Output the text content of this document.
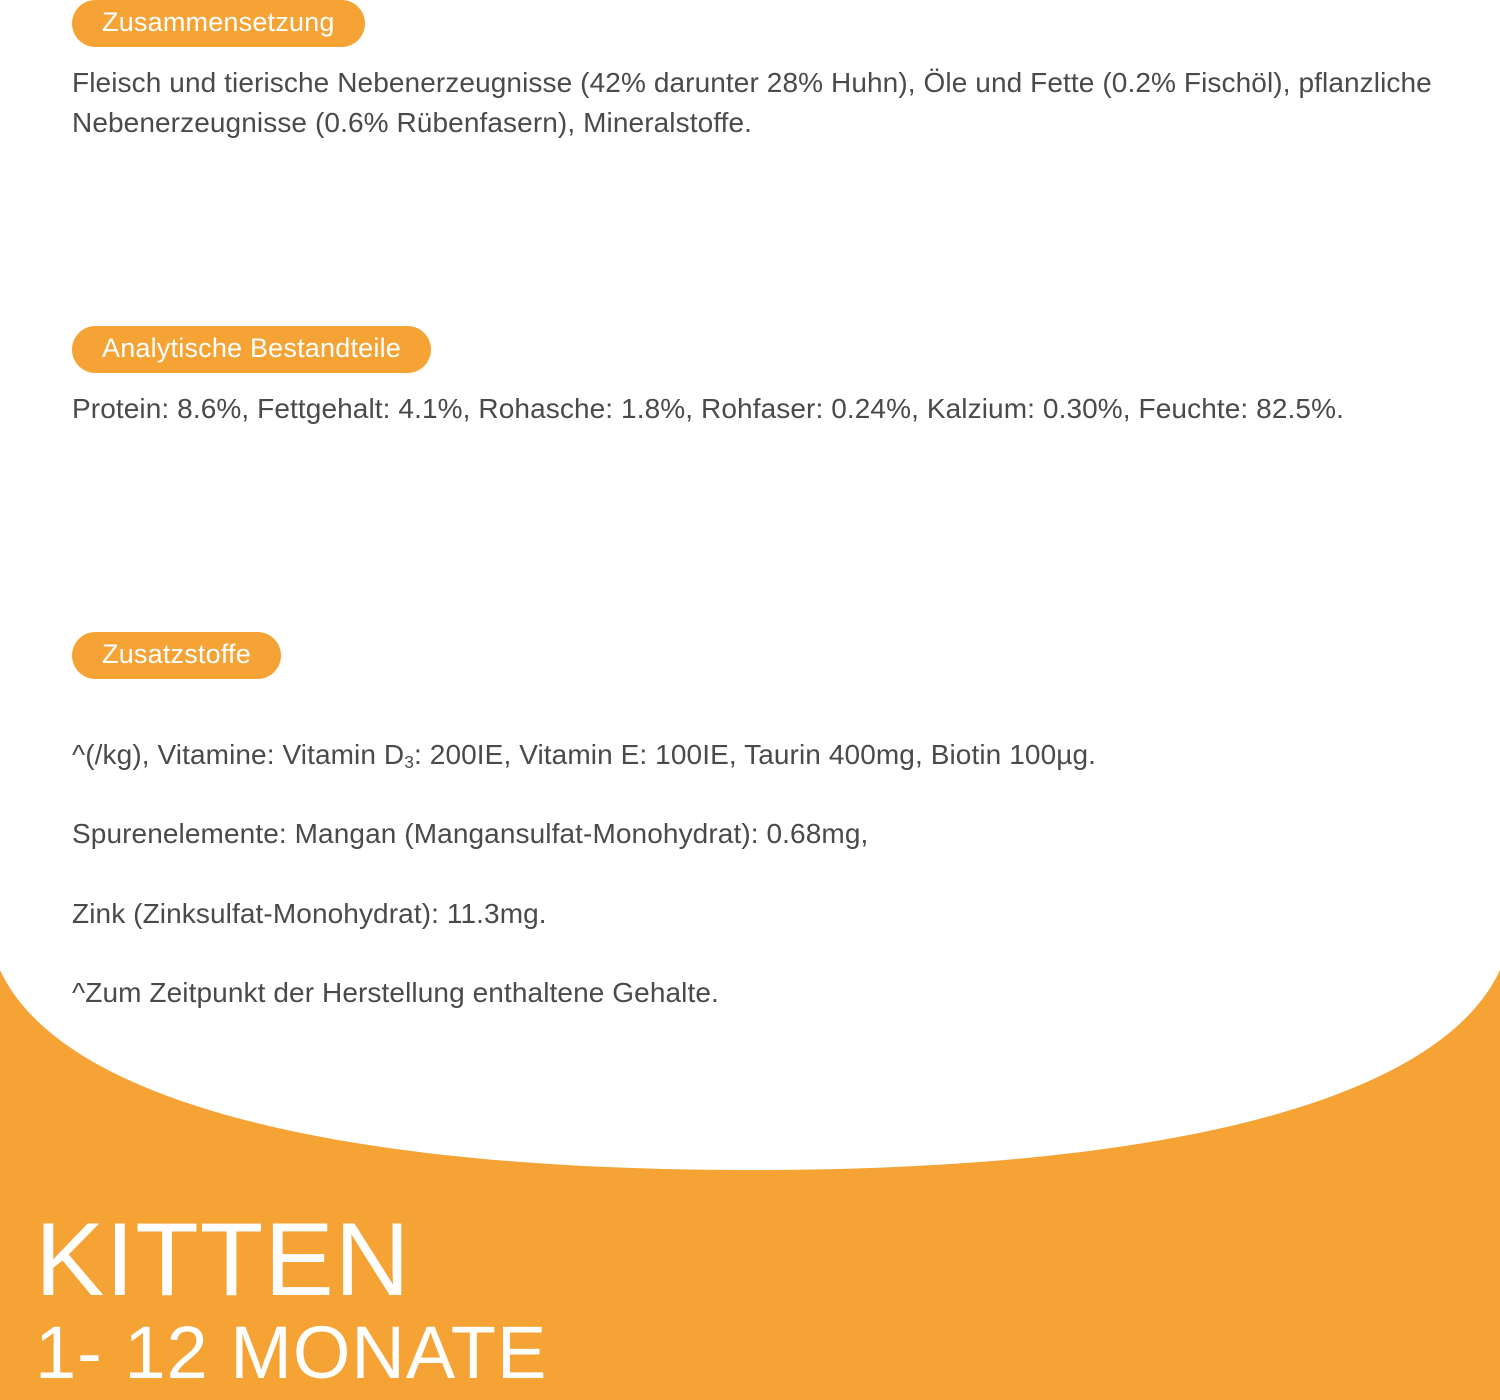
Zusammensetzung
Fleisch und tierische Nebenerzeugnisse (42% darunter 28% Huhn), Öle und Fette (0.2% Fischöl), pflanzliche Nebenerzeugnisse (0.6% Rübenfasern), Mineralstoffe.
Analytische Bestandteile
Protein: 8.6%, Fettgehalt: 4.1%, Rohasche: 1.8%, Rohfaser: 0.24%, Kalzium: 0.30%, Feuchte: 82.5%.
Zusatzstoffe

^(/kg), Vitamine: Vitamin $D_3$: 200IE, Vitamin E: 100IE, Taurin 400mg, Biotin 100µg.

Spurenelemente: Mangan (Mangansulfat-Monohydrat): 0.68mg,

Zink (Zinksulfat-Monohydrat): 11.3mg.

^Zum Zeitpunkt der Herstellung enthaltene Gehalte.

KITTEN
1- 12 MONATE
